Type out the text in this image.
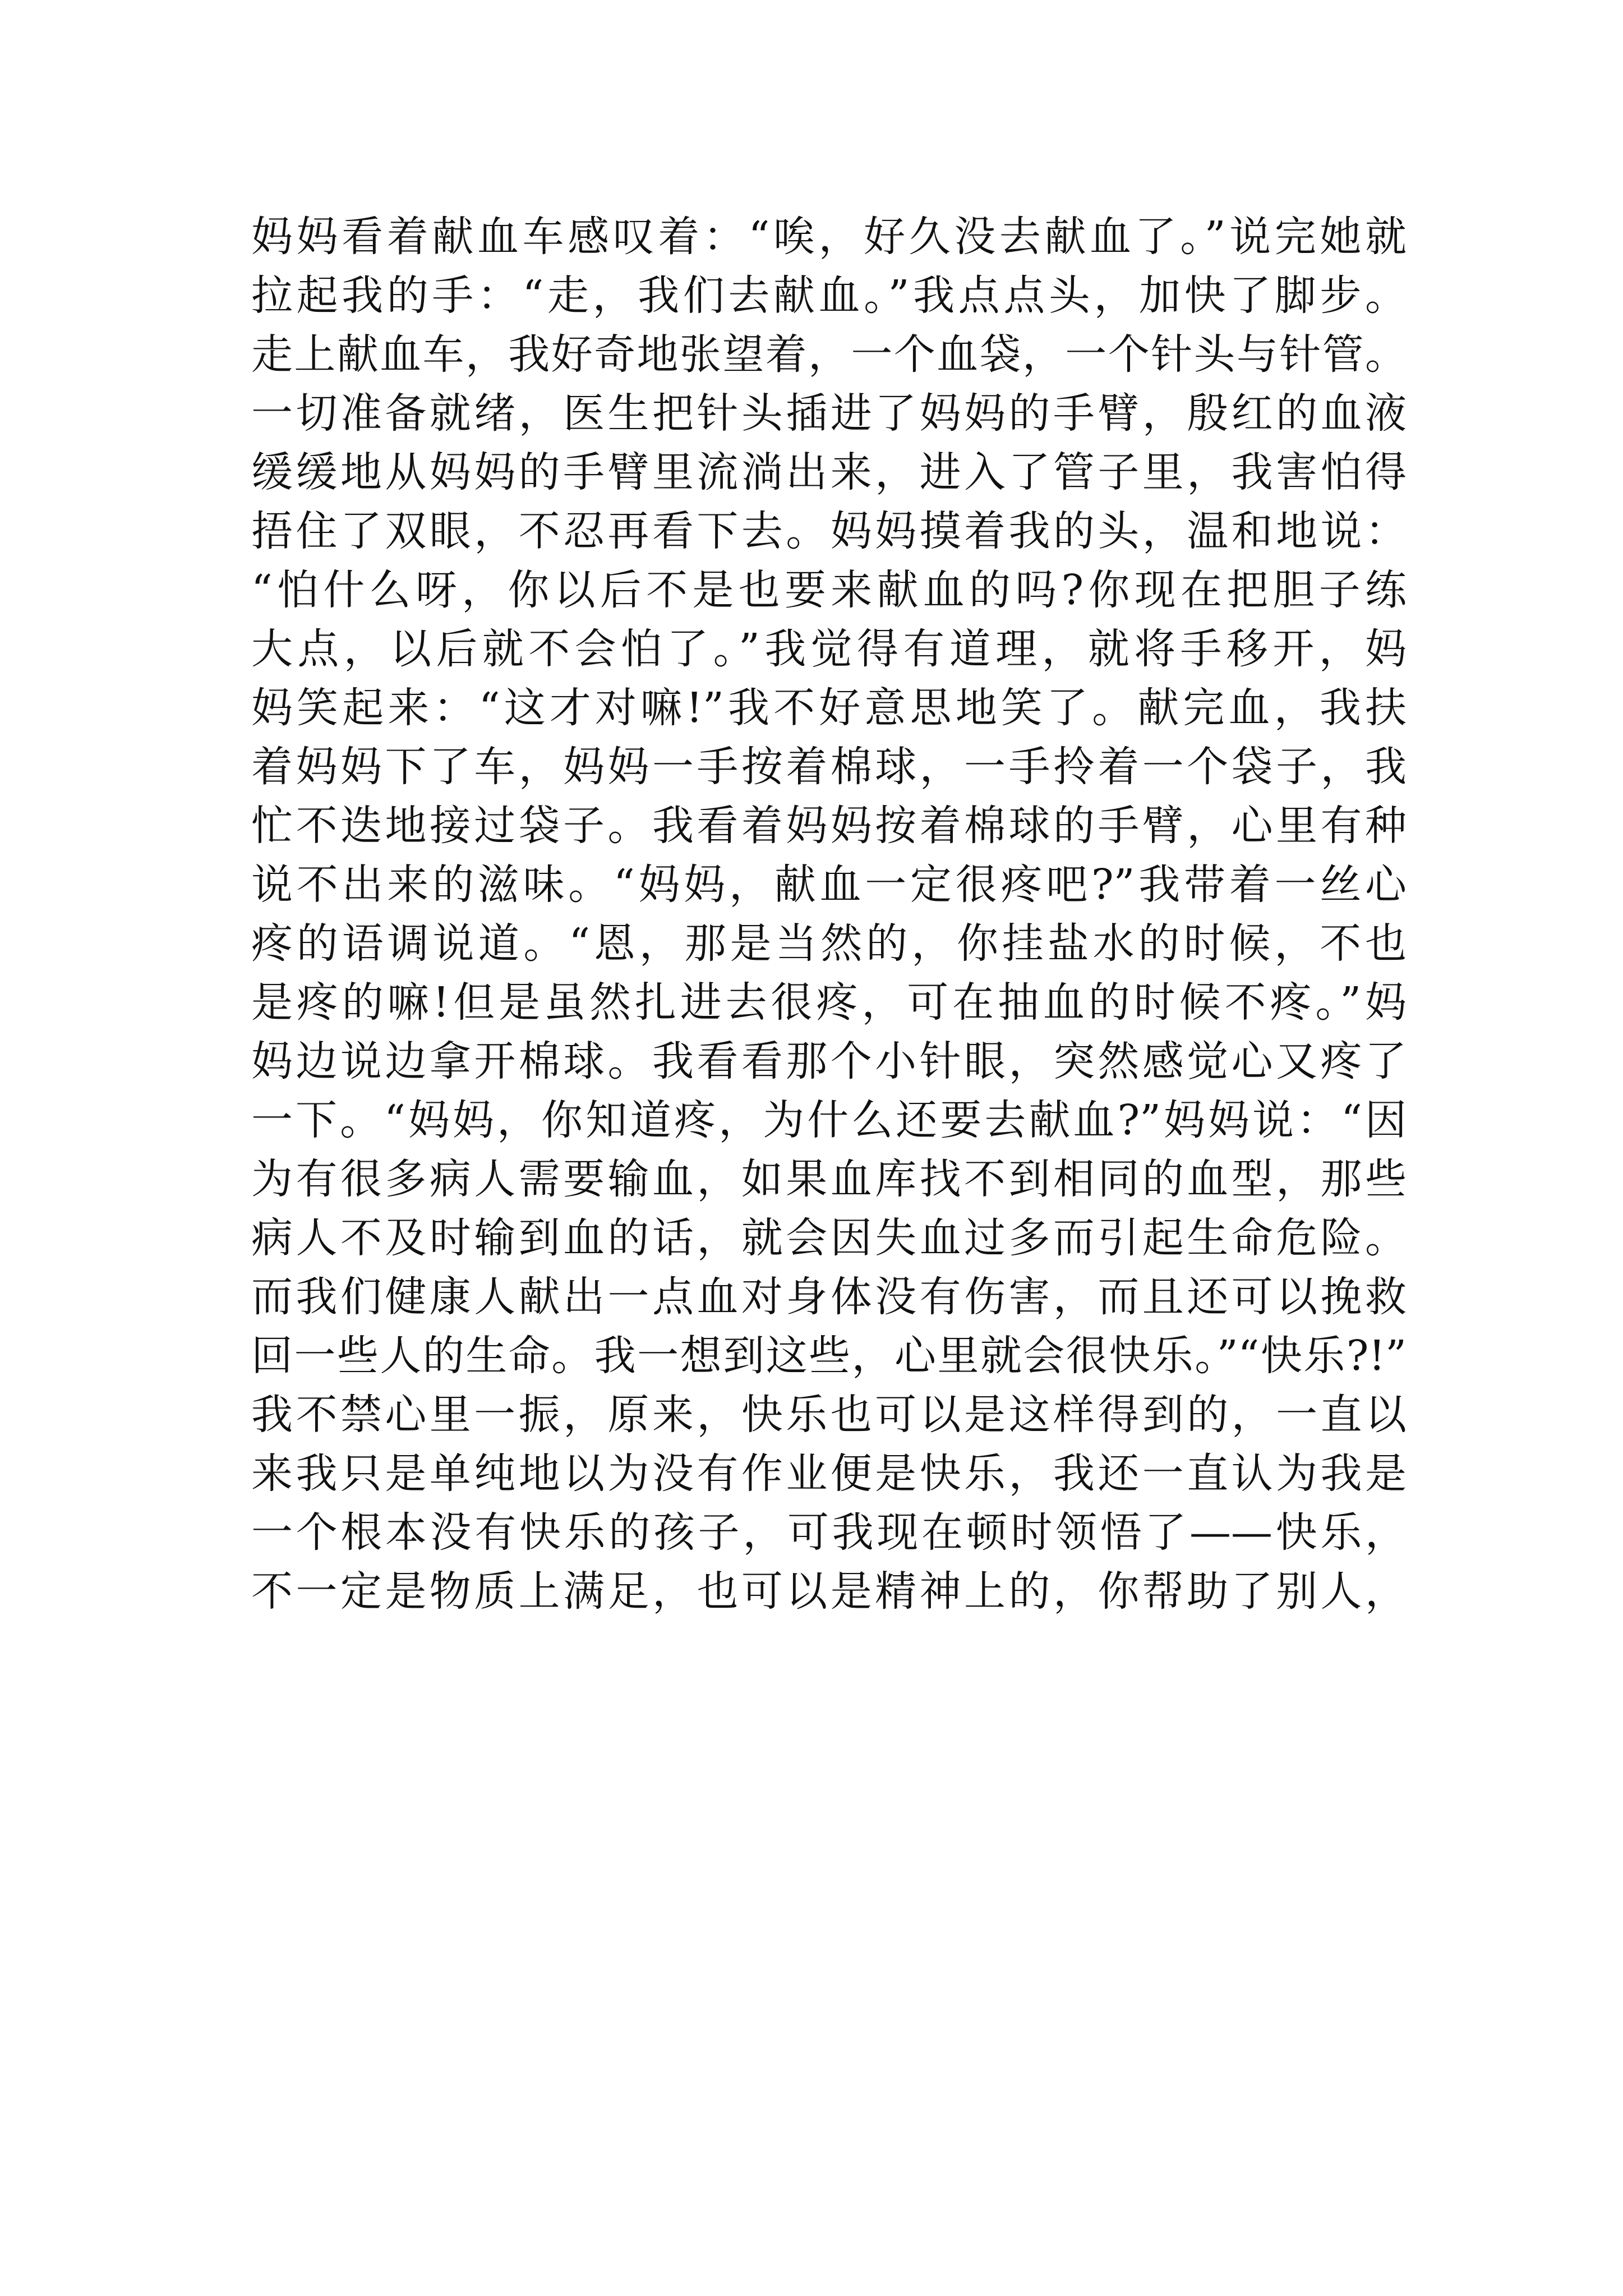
妈妈看着献血车感叹着：“唉，好久没去献血了。”说完她就
拉起我的手：“走，我们去献血。”我点点头，加快了脚步。
走上献血车，我好奇地张望着，一个血袋，一个针头与针管。
一切准备就绪，医生把针头插进了妈妈的手臂，殷红的血液
缓缓地从妈妈的手臂里流淌出来，进入了管子里，我害怕得
捂住了双眼，不忍再看下去。妈妈摸着我的头，温和地说：
“怕什么呀，你以后不是也要来献血的吗?你现在把胆子练
大点，以后就不会怕了。”我觉得有道理，就将手移开，妈
妈笑起来：“这才对嘛!”我不好意思地笑了。献完血，我扶
着妈妈下了车，妈妈一手按着棉球，一手拎着一个袋子，我
忙不迭地接过袋子。我看着妈妈按着棉球的手臂，心里有种
说不出来的滋味。“妈妈，献血一定很疼吧?”我带着一丝心
疼的语调说道。“恩，那是当然的，你挂盐水的时候，不也
是疼的嘛!但是虽然扎进去很疼，可在抽血的时候不疼。”妈
妈边说边拿开棉球。我看看那个小针眼，突然感觉心又疼了
一下。“妈妈，你知道疼，为什么还要去献血?”妈妈说：“因
为有很多病人需要输血，如果血库找不到相同的血型，那些
病人不及时输到血的话，就会因失血过多而引起生命危险。
而我们健康人献出一点血对身体没有伤害，而且还可以挽救
回一些人的生命。我一想到这些，心里就会很快乐。”“快乐?!”
我不禁心里一振，原来，快乐也可以是这样得到的，一直以
来我只是单纯地以为没有作业便是快乐，我还一直认为我是
一个根本没有快乐的孩子，可我现在顿时领悟了——快乐，
不一定是物质上满足，也可以是精神上的，你帮助了别人，
